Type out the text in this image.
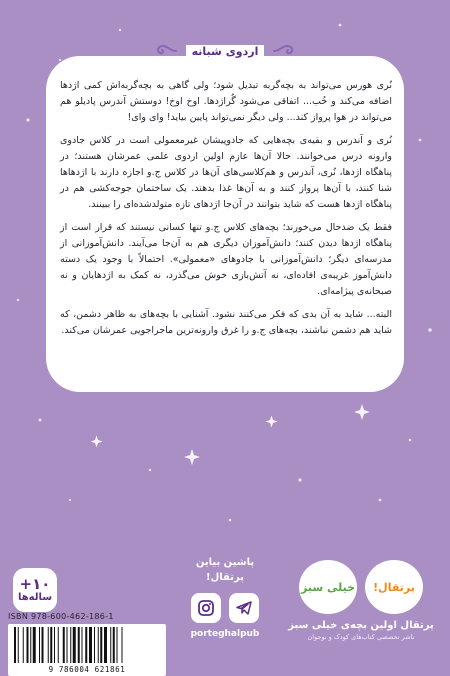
اردوی شبانه

نُری هورس می‌تواند به بچه‌گربه تبدیل شود؛ ولی گاهی به بچه‌گربه‌اش کمی اژدها اضافه می‌کند و خُب... اتفاقی می‌شود گُراژدها. اوخ اوخ! دوستش آندرس پادیلو هم می‌تواند در هوا پرواز کند... ولی دیگر نمی‌تواند پایین بیاید! وای وای!

نُری و آندرس و بقیه‌ی بچه‌هایی که جادوپیشان غیرمعمولی است در کلاس جادوی وارونه درس می‌خوانند. حالا آن‌ها عازم اولین اردوی علمی عمرشان هستند؛ در پناهگاه اژدها، نُری، آندرس و هم‌کلاسی‌های آن‌ها در کلاس ج.و اجازه دارند با اژدهاها شنا کنند، با آن‌ها پرواز کنند و به آن‌ها غذا بدهند. یک ساختمان جوجه‌کشی هم در پناهگاه اژدها هست که شاید بتوانند در آن‌جا اژدهای تازه متولدشده‌ای را ببینند.

فقط یک ضدحال می‌خورند؛ بچه‌های کلاس ج.و تنها کسانی نیستند که قرار است از پناهگاه اژدها دیدن کنند؛ دانش‌آموزان دیگری هم به آن‌جا می‌آیند. دانش‌آموزانی از مدرسه‌ای دیگر؛ دانش‌آموزانی با جادوهای «معمولی». احتمالاً با وجود یک دسته دانش‌آموز غریبه‌ی افاده‌ای، نه آتش‌بازی خوش می‌گذرد، نه کمک به اژدهایان و نه صبحانه‌ی پیژامه‌ای.

البته... شاید به آن بدی که فکر می‌کنند نشود. آشنایی با بچه‌های به ظاهر دشمن، که شاید هم دشمن نباشند، بچه‌های ج.و را غرق وارونه‌ترین ماجراجویی عمرشان می‌کند.

+۱۰
ساله‌ها
ISBN 978-600-462-186-1
9 786004 621861
پاشین بیاین
پرتقال!
porteghalpub
خیلی سبز	پرتقال!
پرتقال اولین بچه‌ی خیلی سبز
ناشر تخصصی کتاب‌های کودک و نوجوان
